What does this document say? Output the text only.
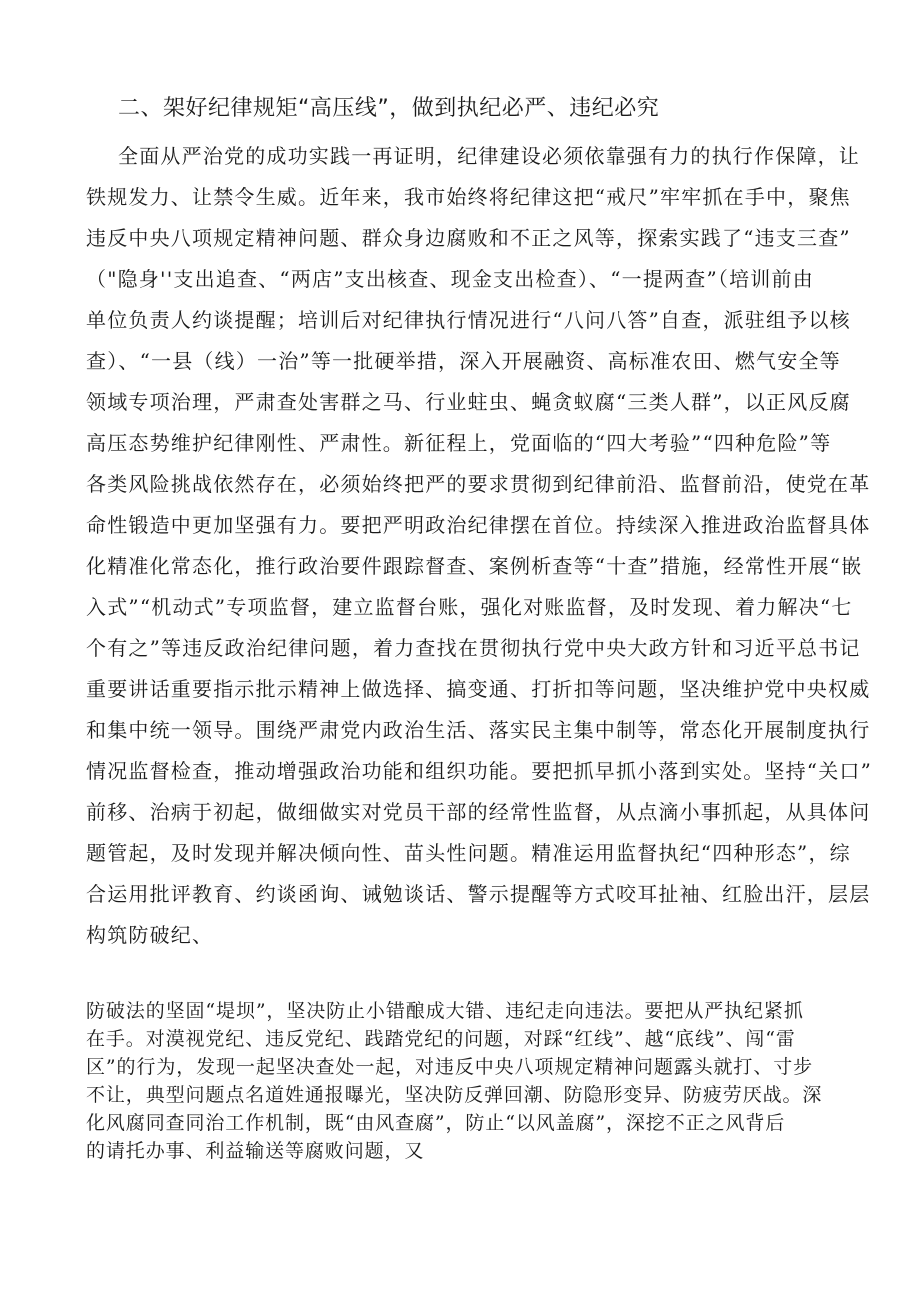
二、架好纪律规矩“高压线”，做到执纪必严、违纪必究
全面从严治党的成功实践一再证明，纪律建设必须依靠强有力的执行作保障，让
铁规发力、让禁令生威。近年来，我市始终将纪律这把“戒尺”牢牢抓在手中，聚焦
违反中央八项规定精神问题、群众身边腐败和不正之风等，探索实践了“违支三查”
（"隐身''支出追查、“两店”支出核查、现金支出检查）、“一提两查”（培训前由
单位负责人约谈提醒；培训后对纪律执行情况进行“八问八答”自查，派驻组予以核
查）、“一县（线）一治”等一批硬举措，深入开展融资、高标准农田、燃气安全等
领域专项治理，严肃查处害群之马、行业蛀虫、蝇贪蚁腐“三类人群”，以正风反腐
高压态势维护纪律刚性、严肃性。新征程上，党面临的“四大考验”“四种危险”等
各类风险挑战依然存在，必须始终把严的要求贯彻到纪律前沿、监督前沿，使党在革
命性锻造中更加坚强有力。要把严明政治纪律摆在首位。持续深入推进政治监督具体
化精准化常态化，推行政治要件跟踪督查、案例析查等“十查”措施，经常性开展“嵌
入式”“机动式”专项监督，建立监督台账，强化对账监督，及时发现、着力解决“七
个有之”等违反政治纪律问题，着力查找在贯彻执行党中央大政方针和习近平总书记
重要讲话重要指示批示精神上做选择、搞变通、打折扣等问题，坚决维护党中央权威
和集中统一领导。围绕严肃党内政治生活、落实民主集中制等，常态化开展制度执行
情况监督检查，推动增强政治功能和组织功能。要把抓早抓小落到实处。坚持“关口”
前移、治病于初起，做细做实对党员干部的经常性监督，从点滴小事抓起，从具体问
题管起，及时发现并解决倾向性、苗头性问题。精准运用监督执纪“四种形态”，综
合运用批评教育、约谈函询、诫勉谈话、警示提醒等方式咬耳扯袖、红脸出汗，层层
构筑防破纪、
防破法的坚固“堤坝”，坚决防止小错酿成大错、违纪走向违法。要把从严执纪紧抓
在手。对漠视党纪、违反党纪、践踏党纪的问题，对踩“红线”、越“底线”、闯“雷
区”的行为，发现一起坚决查处一起，对违反中央八项规定精神问题露头就打、寸步
不让，典型问题点名道姓通报曝光，坚决防反弹回潮、防隐形变异、防疲劳厌战。深
化风腐同查同治工作机制，既“由风查腐”，防止“以风盖腐”，深挖不正之风背后
的请托办事、利益输送等腐败问题，又
